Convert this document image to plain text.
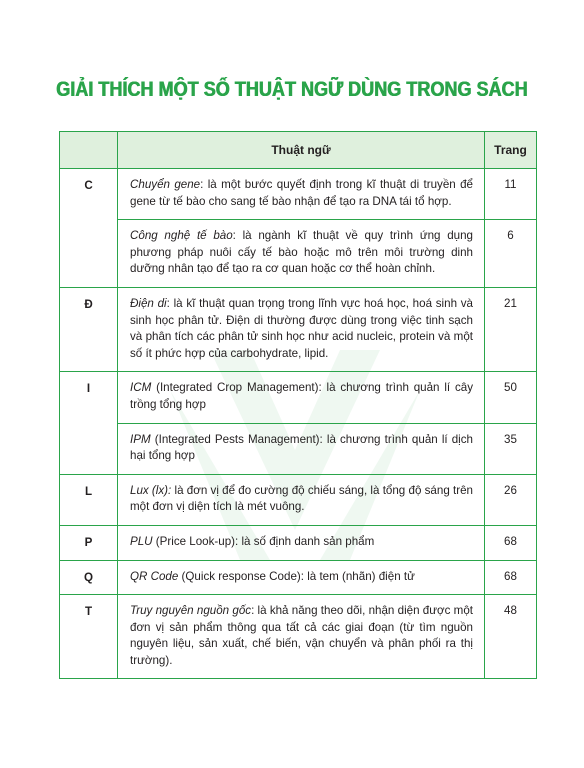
GIẢI THÍCH MỘT SỐ THUẬT NGỮ DÙNG TRONG SÁCH
	Thuật ngữ	Trang
C	Chuyển gene: là một bước quyết định trong kĩ thuật di truyền để gene từ tế bào cho sang tế bào nhận để tạo ra DNA tái tổ hợp.	11
	Công nghệ tế bào: là ngành kĩ thuật về quy trình ứng dụng phương pháp nuôi cấy tế bào hoặc mô trên môi trường dinh dưỡng nhân tạo để tạo ra cơ quan hoặc cơ thể hoàn chỉnh.	6
Đ	Điện di: là kĩ thuật quan trọng trong lĩnh vực hoá học, hoá sinh và sinh học phân tử. Điện di thường được dùng trong việc tinh sạch và phân tích các phân tử sinh học như acid nucleic, protein và một số ít phức hợp của carbohydrate, lipid.	21
I	ICM (Integrated Crop Management): là chương trình quản lí cây trồng tổng hợp	50
	IPM (Integrated Pests Management): là chương trình quản lí dịch hại tổng hợp	35
L	Lux (lx): là đơn vị để đo cường độ chiếu sáng, là tổng độ sáng trên một đơn vị diện tích là mét vuông.	26
P	PLU (Price Look-up): là số định danh sản phẩm	68
Q	QR Code (Quick response Code): là tem (nhãn) điện tử	68
T	Truy nguyên nguồn gốc: là khả năng theo dõi, nhận diện được một đơn vị sản phẩm thông qua tất cả các giai đoạn (từ tìm nguồn nguyên liệu, sản xuất, chế biến, vận chuyển và phân phối ra thị trường).	48
